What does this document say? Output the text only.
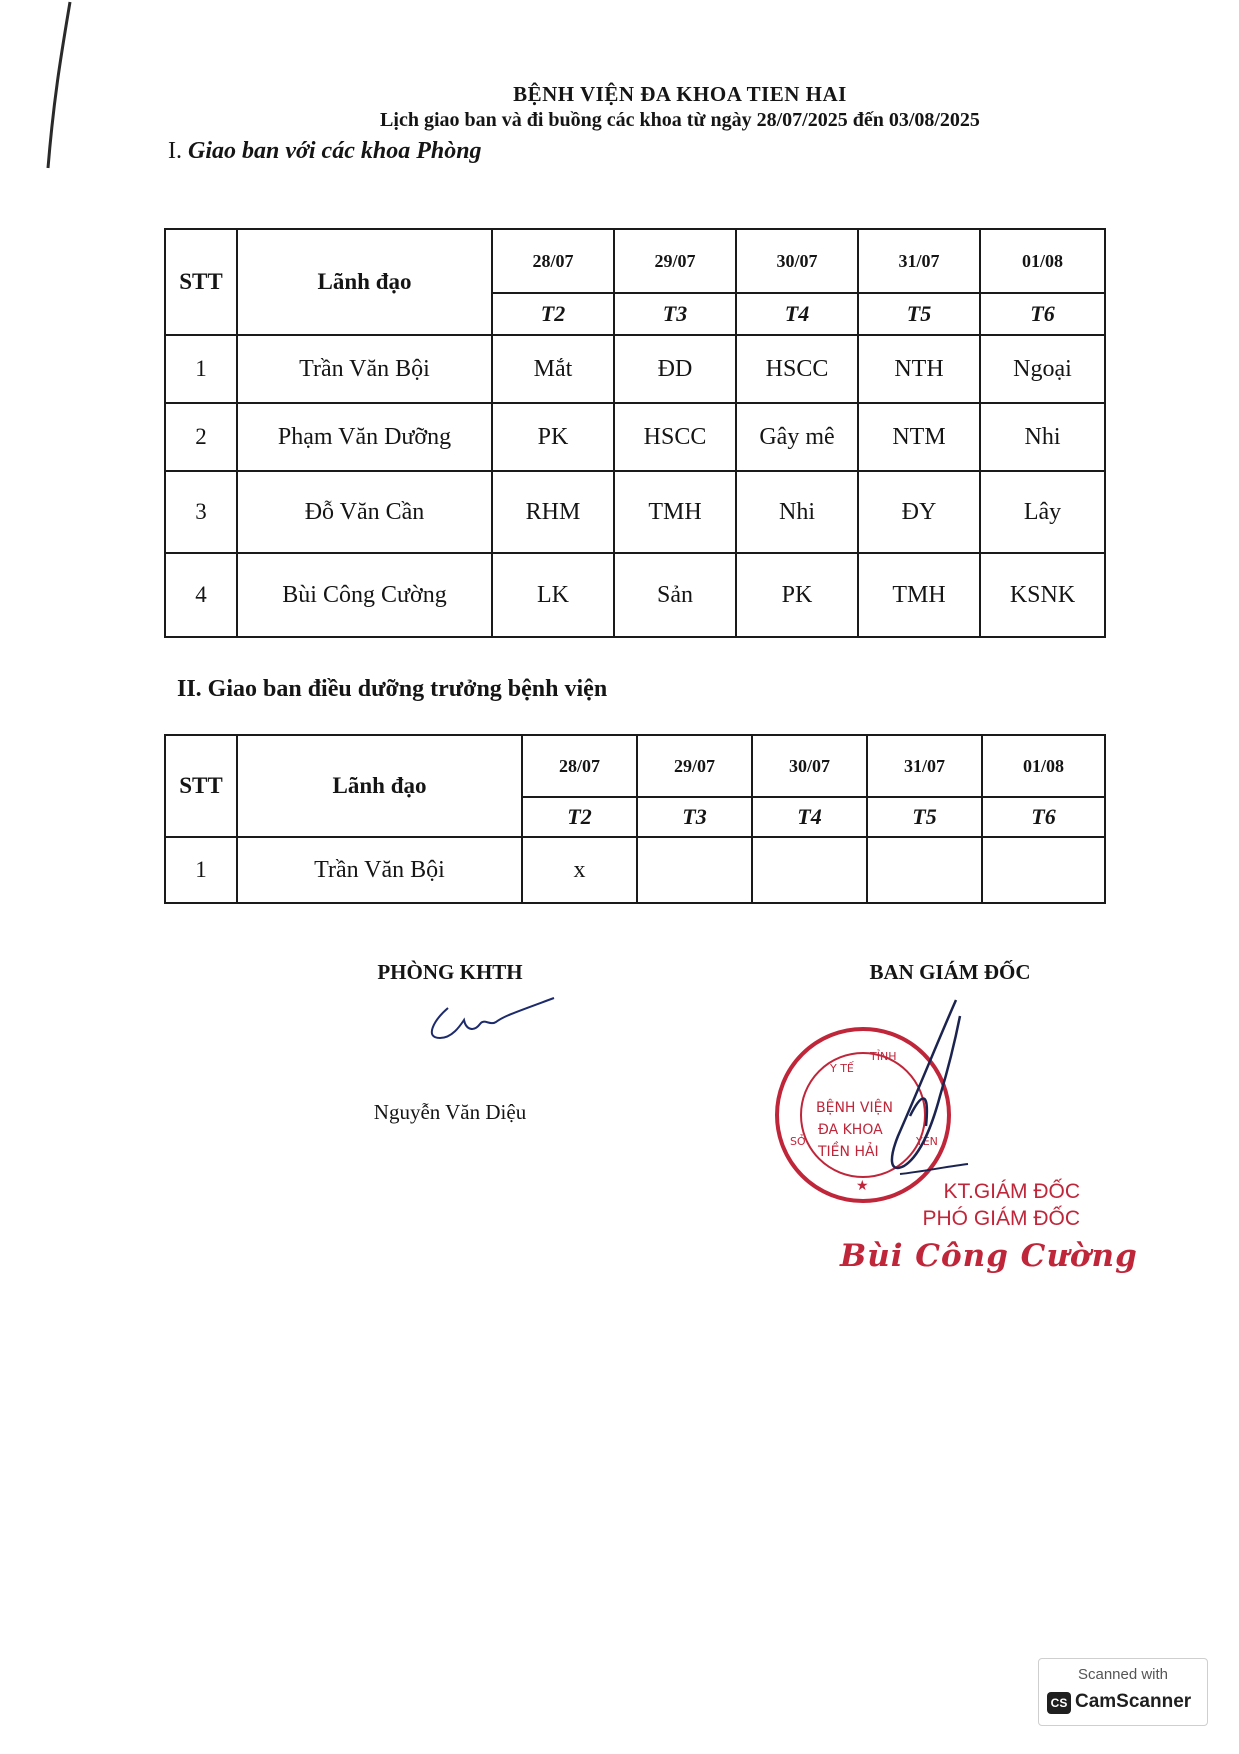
BỆNH VIỆN ĐA KHOA TIEN HAI
Lịch giao ban và đi buồng các khoa từ ngày 28/07/2025 đến 03/08/2025
I. Giao ban với các khoa Phòng
STT	Lãnh đạo	28/07	29/07	30/07	31/07	01/08
		T2	T3	T4	T5	T6
1	Trần Văn Bội	Mắt	ĐD	HSCC	NTH	Ngoại
2	Phạm Văn Dưỡng	PK	HSCC	Gây mê	NTM	Nhi
3	Đỗ Văn Cần	RHM	TMH	Nhi	ĐY	Lây
4	Bùi Công Cường	LK	Sản	PK	TMH	KSNK
II. Giao ban điều dưỡng trưởng bệnh viện
STT	Lãnh đạo	28/07	29/07	30/07	31/07	01/08
		T2	T3	T4	T5	T6
1	Trần Văn Bội	x				
PHÒNG KHTH
Nguyễn Văn Diệu
BAN GIÁM ĐỐC
Y TẾ
TỈNH
SỞ	YÊN
BỆNH VIỆN
ĐA KHOA
TIỀN HẢI
★	KT.GIÁM ĐỐC
PHÓ GIÁM ĐỐC
Bùi Công Cường
Scanned with
CS CamScanner
